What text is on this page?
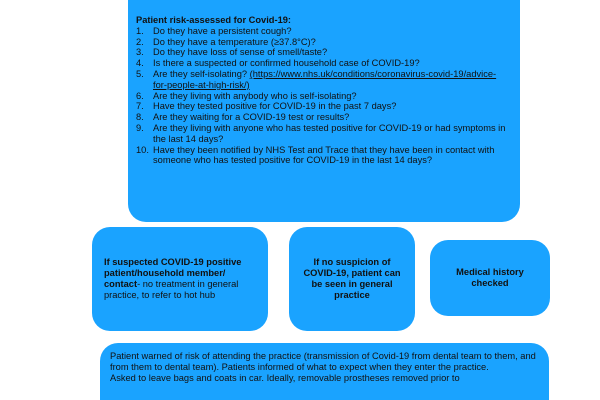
Patient risk-assessed for Covid-19:
1. Do they have a persistent cough?
2. Do they have a temperature (≥37.8°C)?
3. Do they have loss of sense of smell/taste?
4. Is there a suspected or confirmed household case of COVID-19?
5. Are they self-isolating? (https://www.nhs.uk/conditions/coronavirus-covid-19/advice-for-people-at-high-risk/)
6. Are they living with anybody who is self-isolating?
7. Have they tested positive for COVID-19 in the past 7 days?
8. Are they waiting for a COVID-19 test or results?
9. Are they living with anyone who has tested positive for COVID-19 or had symptoms in the last 14 days?
10. Have they been notified by NHS Test and Trace that they have been in contact with someone who has tested positive for COVID-19 in the last 14 days?
If suspected COVID-19 positive patient/household member/ contact- no treatment in general practice, to refer to hot hub
If no suspicion of COVID-19, patient can be seen in general practice
Medical history checked

Patient warned of risk of attending the practice (transmission of Covid-19 from dental team to them, and from them to dental team). Patients informed of what to expect when they enter the practice.

Asked to leave bags and coats in car. Ideally, removable prostheses removed prior to
